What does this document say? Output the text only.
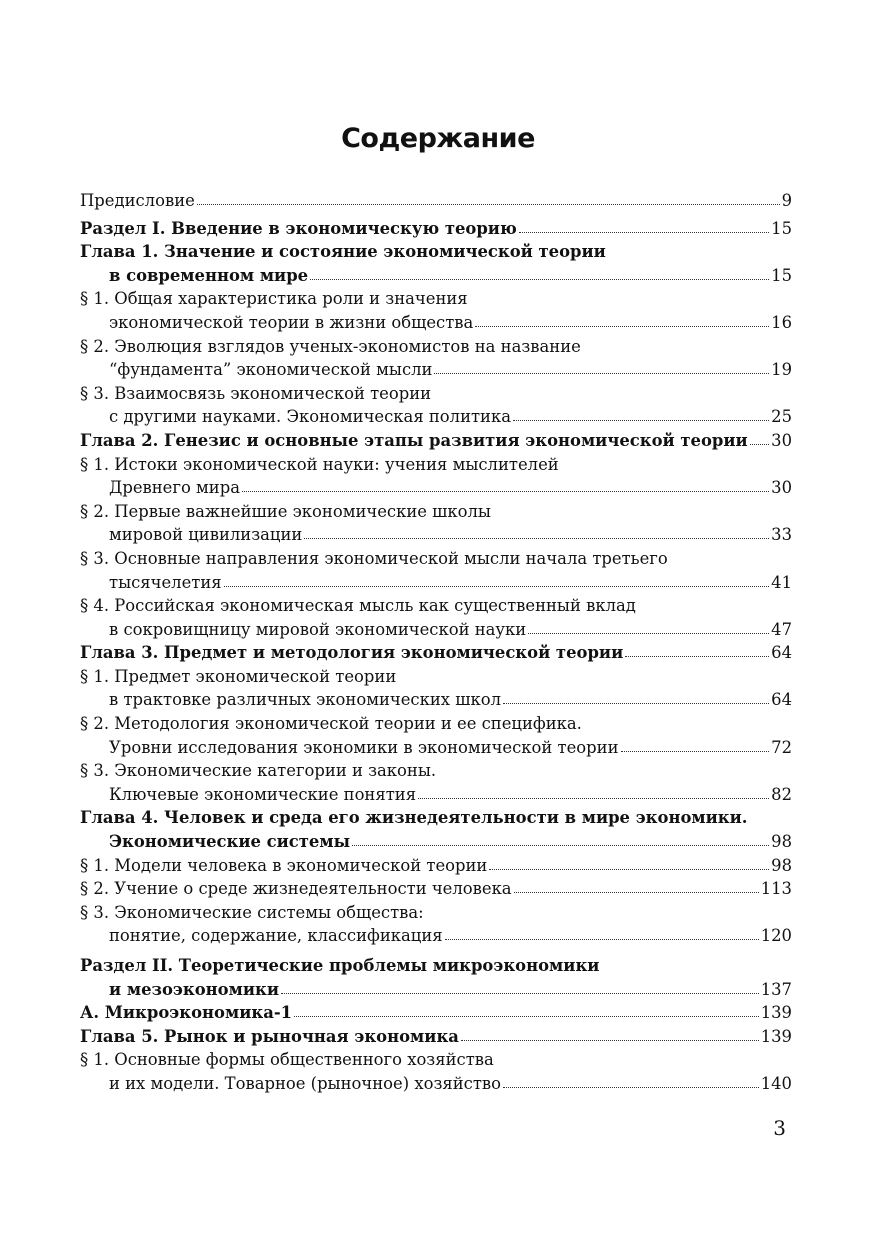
Содержание
Предисловие	9
Раздел I. Введение в экономическую теорию	15
Глава 1. Значение и состояние экономической теории
в современном мире	15
§ 1. Общая характеристика роли и значения
экономической теории в жизни общества	16
§ 2. Эволюция взглядов ученых-экономистов на название
“фундамента” экономической мысли	19
§ 3. Взаимосвязь экономической теории
с другими науками. Экономическая политика	25
Глава 2. Генезис и основные этапы развития экономической теории 30
§ 1. Истоки экономической науки: учения мыслителей
Древнего мира	30
§ 2. Первые важнейшие экономические школы
мировой цивилизации	33
§ 3. Основные направления экономической мысли начала третьего
тысячелетия	41
§ 4. Российская экономическая мысль как существенный вклад
в сокровищницу мировой экономической науки	47
Глава 3. Предмет и методология экономической теории	64
§ 1. Предмет экономической теории
в трактовке различных экономических школ	64
§ 2. Методология экономической теории и ее специфика.
Уровни исследования экономики в экономической теории	72
§ 3. Экономические категории и законы.
Ключевые экономические понятия	82
Глава 4. Человек и среда его жизнедеятельности в мире экономики.
Экономические системы	98
§ 1. Модели человека в экономической теории	98
§ 2. Учение о среде жизнедеятельности человека	113
§ 3. Экономические системы общества:
понятие, содержание, классификация	120
Раздел II. Теоретические проблемы микроэкономики
и мезоэкономики	137
А. Микроэкономика-1	139
Глава 5. Рынок и рыночная экономика	139
§ 1. Основные формы общественного хозяйства
и их модели. Товарное (рыночное) хозяйство	140
3
